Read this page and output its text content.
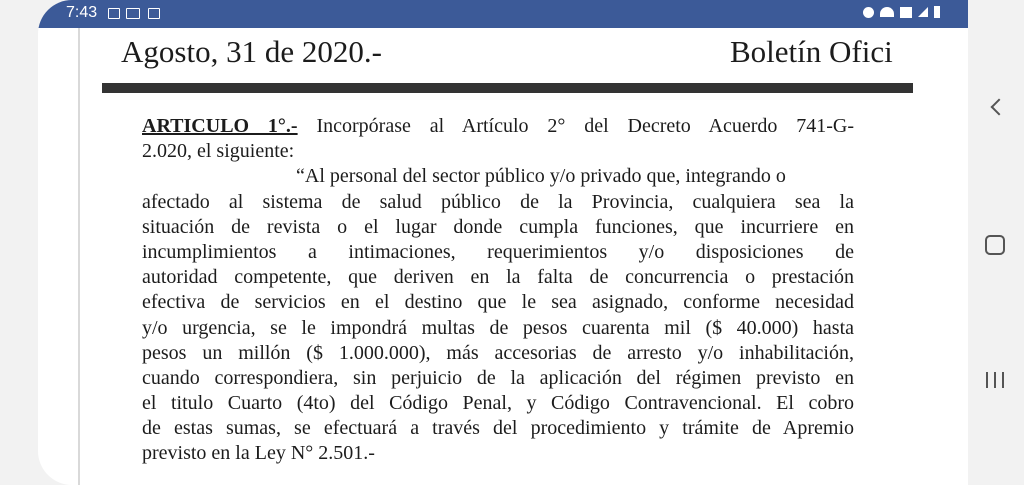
7:43
Agosto, 31 de 2020.-	Boletín Ofici
ARTICULO 1°.- Incorpórase al Artículo 2° del Decreto Acuerdo 741-G-
2.020, el siguiente:
“Al personal del sector público y/o privado que, integrando o
afectado al sistema de salud público de la Provincia, cualquiera sea la
situación de revista o el lugar donde cumpla funciones, que incurriere en
incumplimientos a intimaciones, requerimientos y/o disposiciones de
autoridad competente, que deriven en la falta de concurrencia o prestación
efectiva de servicios en el destino que le sea asignado, conforme necesidad
y/o urgencia, se le impondrá multas de pesos cuarenta mil ($ 40.000) hasta
pesos un millón ($ 1.000.000), más accesorias de arresto y/o inhabilitación,
cuando correspondiera, sin perjuicio de la aplicación del régimen previsto en
el titulo Cuarto (4to) del Código Penal, y Código Contravencional. El cobro
de estas sumas, se efectuará a través del procedimiento y trámite de Apremio
previsto en la Ley N° 2.501.-
